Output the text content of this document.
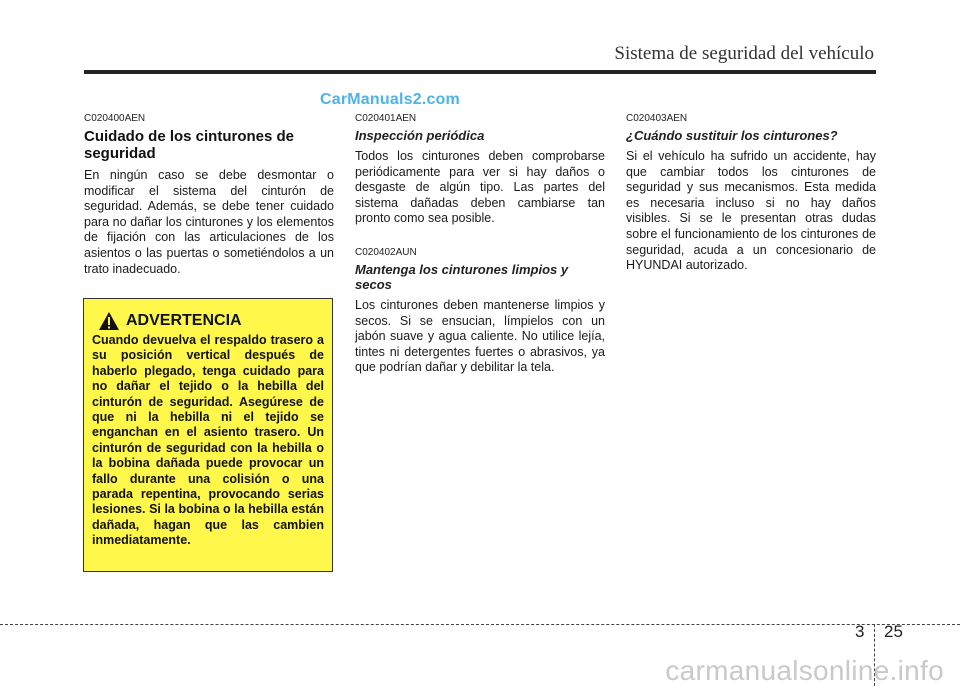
Sistema de seguridad del vehículo
CarManuals2.com

C020400AEN

Cuidado de los cinturones de seguridad

En ningún caso se debe desmontar o modificar el sistema del cinturón de seguridad. Además, se debe tener cuidado para no dañar los cinturones y los elementos de fijación con las articulaciones de los asientos o las puertas o sometiéndolos a un trato inadecuado.

ADVERTENCIA

Cuando devuelva el respaldo trasero a su posición vertical después de haberlo plegado, tenga cuidado para no dañar el tejido o la hebilla del cinturón de seguridad. Asegúrese de que ni la hebilla ni el tejido se enganchan en el asiento trasero. Un cinturón de seguridad con la hebilla o la bobina dañada puede provocar un fallo durante una colisión o una parada repentina, provocando serias lesiones. Si la bobina o la hebilla están dañada, hagan que las cambien inmediatamente.

C020401AEN

Inspección periódica

Todos los cinturones deben comprobarse periódicamente para ver si hay daños o desgaste de algún tipo. Las partes del sistema dañadas deben cambiarse tan pronto como sea posible.

C020402AUN

Mantenga los cinturones limpios y secos

Los cinturones deben mantenerse limpios y secos. Si se ensucian, límpielos con un jabón suave y agua caliente. No utilice lejía, tintes ni detergentes fuertes o abrasivos, ya que podrían dañar y debilitar la tela.

C020403AEN

¿Cuándo sustituir los cinturones?

Si el vehículo ha sufrido un accidente, hay que cambiar todos los cinturones de seguridad y sus mecanismos. Esta medida es necesaria incluso si no hay daños visibles. Si se le presentan otras dudas sobre el funcionamiento de los cinturones de seguridad, acuda a un concesionario de HYUNDAI autorizado.

3 25
carmanualsonline.info
